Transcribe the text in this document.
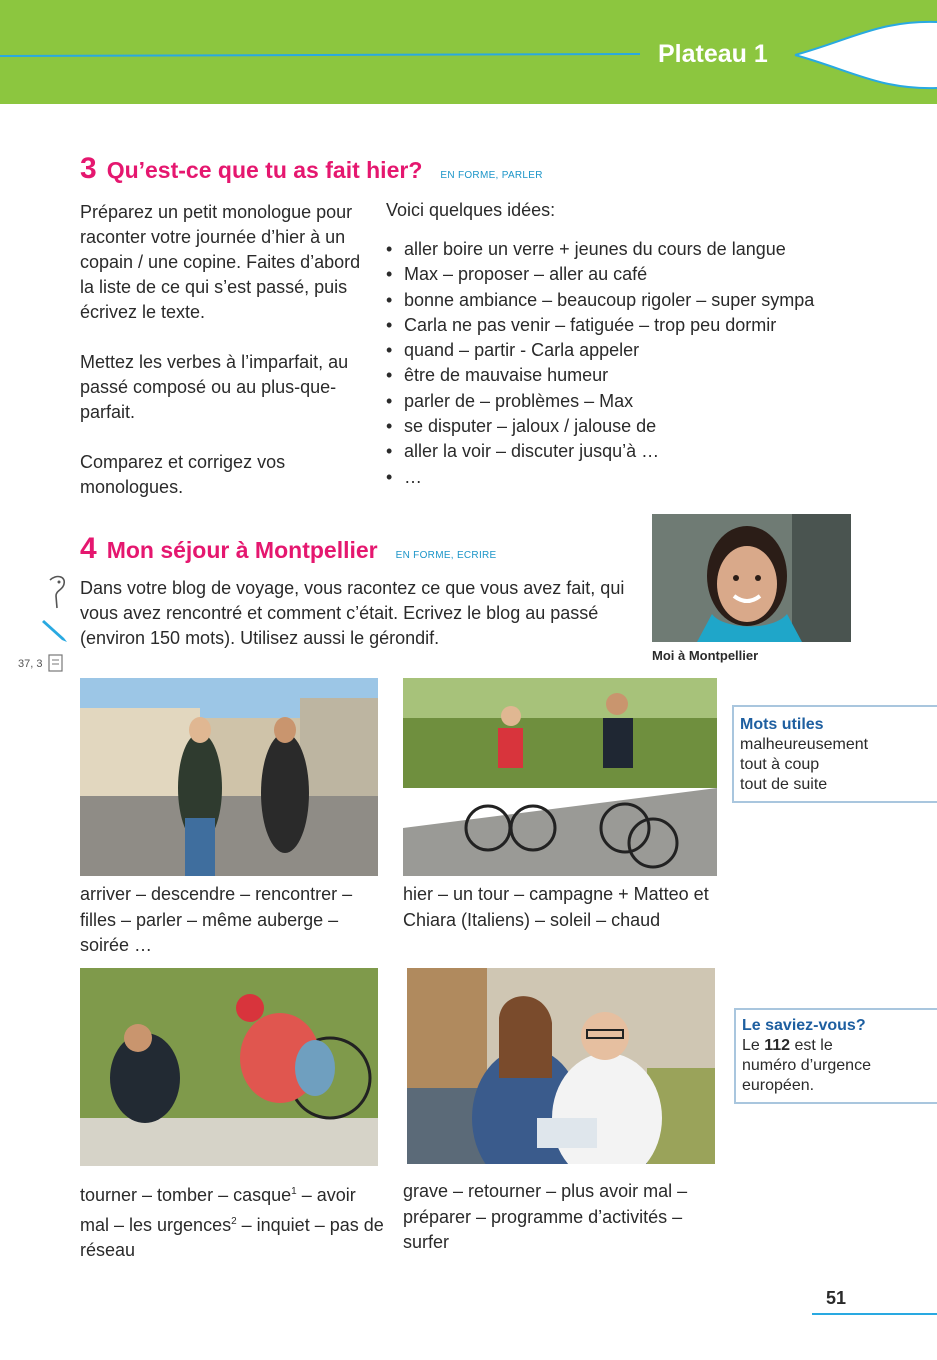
Plateau 1
3 Qu’est-ce que tu as fait hier? EN FORME, PARLER

Préparez un petit monologue pour raconter votre journée d’hier à un copain / une copine. Faites d’abord la liste de ce qui s’est passé, puis écrivez le texte.

Mettez les verbes à l’imparfait, au passé composé ou au plus-que-parfait.

Comparez et corrigez vos monologues.

Voici quelques idées:
• aller boire un verre + jeunes du cours de langue
• Max – proposer – aller au café
• bonne ambiance – beaucoup rigoler – super sympa
• Carla ne pas venir – fatiguée – trop peu dormir
• quand – partir - Carla appeler
• être de mauvaise humeur
• parler de – problèmes – Max
• se disputer – jaloux / jalouse de
• aller la voir – discuter jusqu’à …
• …
4 Mon séjour à Montpellier EN FORME, ECRIRE
37, 3
Dans votre blog de voyage, vous racontez ce que vous avez fait, qui vous avez rencontré et comment c’était. Ecrivez le blog au passé (environ 150 mots). Utilisez aussi le gérondif.
Moi à Montpellier
arriver – descendre – rencontrer – filles – parler – même auberge – soirée …
hier – un tour – campagne + Matteo et Chiara (Italiens) – soleil – chaud
Mots utiles
malheureusement
tout à coup
tout de suite
tourner – tomber – casque$^1$ – avoir mal – les urgences$^2$ – inquiet – pas de réseau
grave – retourner – plus avoir mal – préparer – programme d’activités – surfer
Le saviez-vous?
Le 112 est le numéro d’urgence européen.
51
